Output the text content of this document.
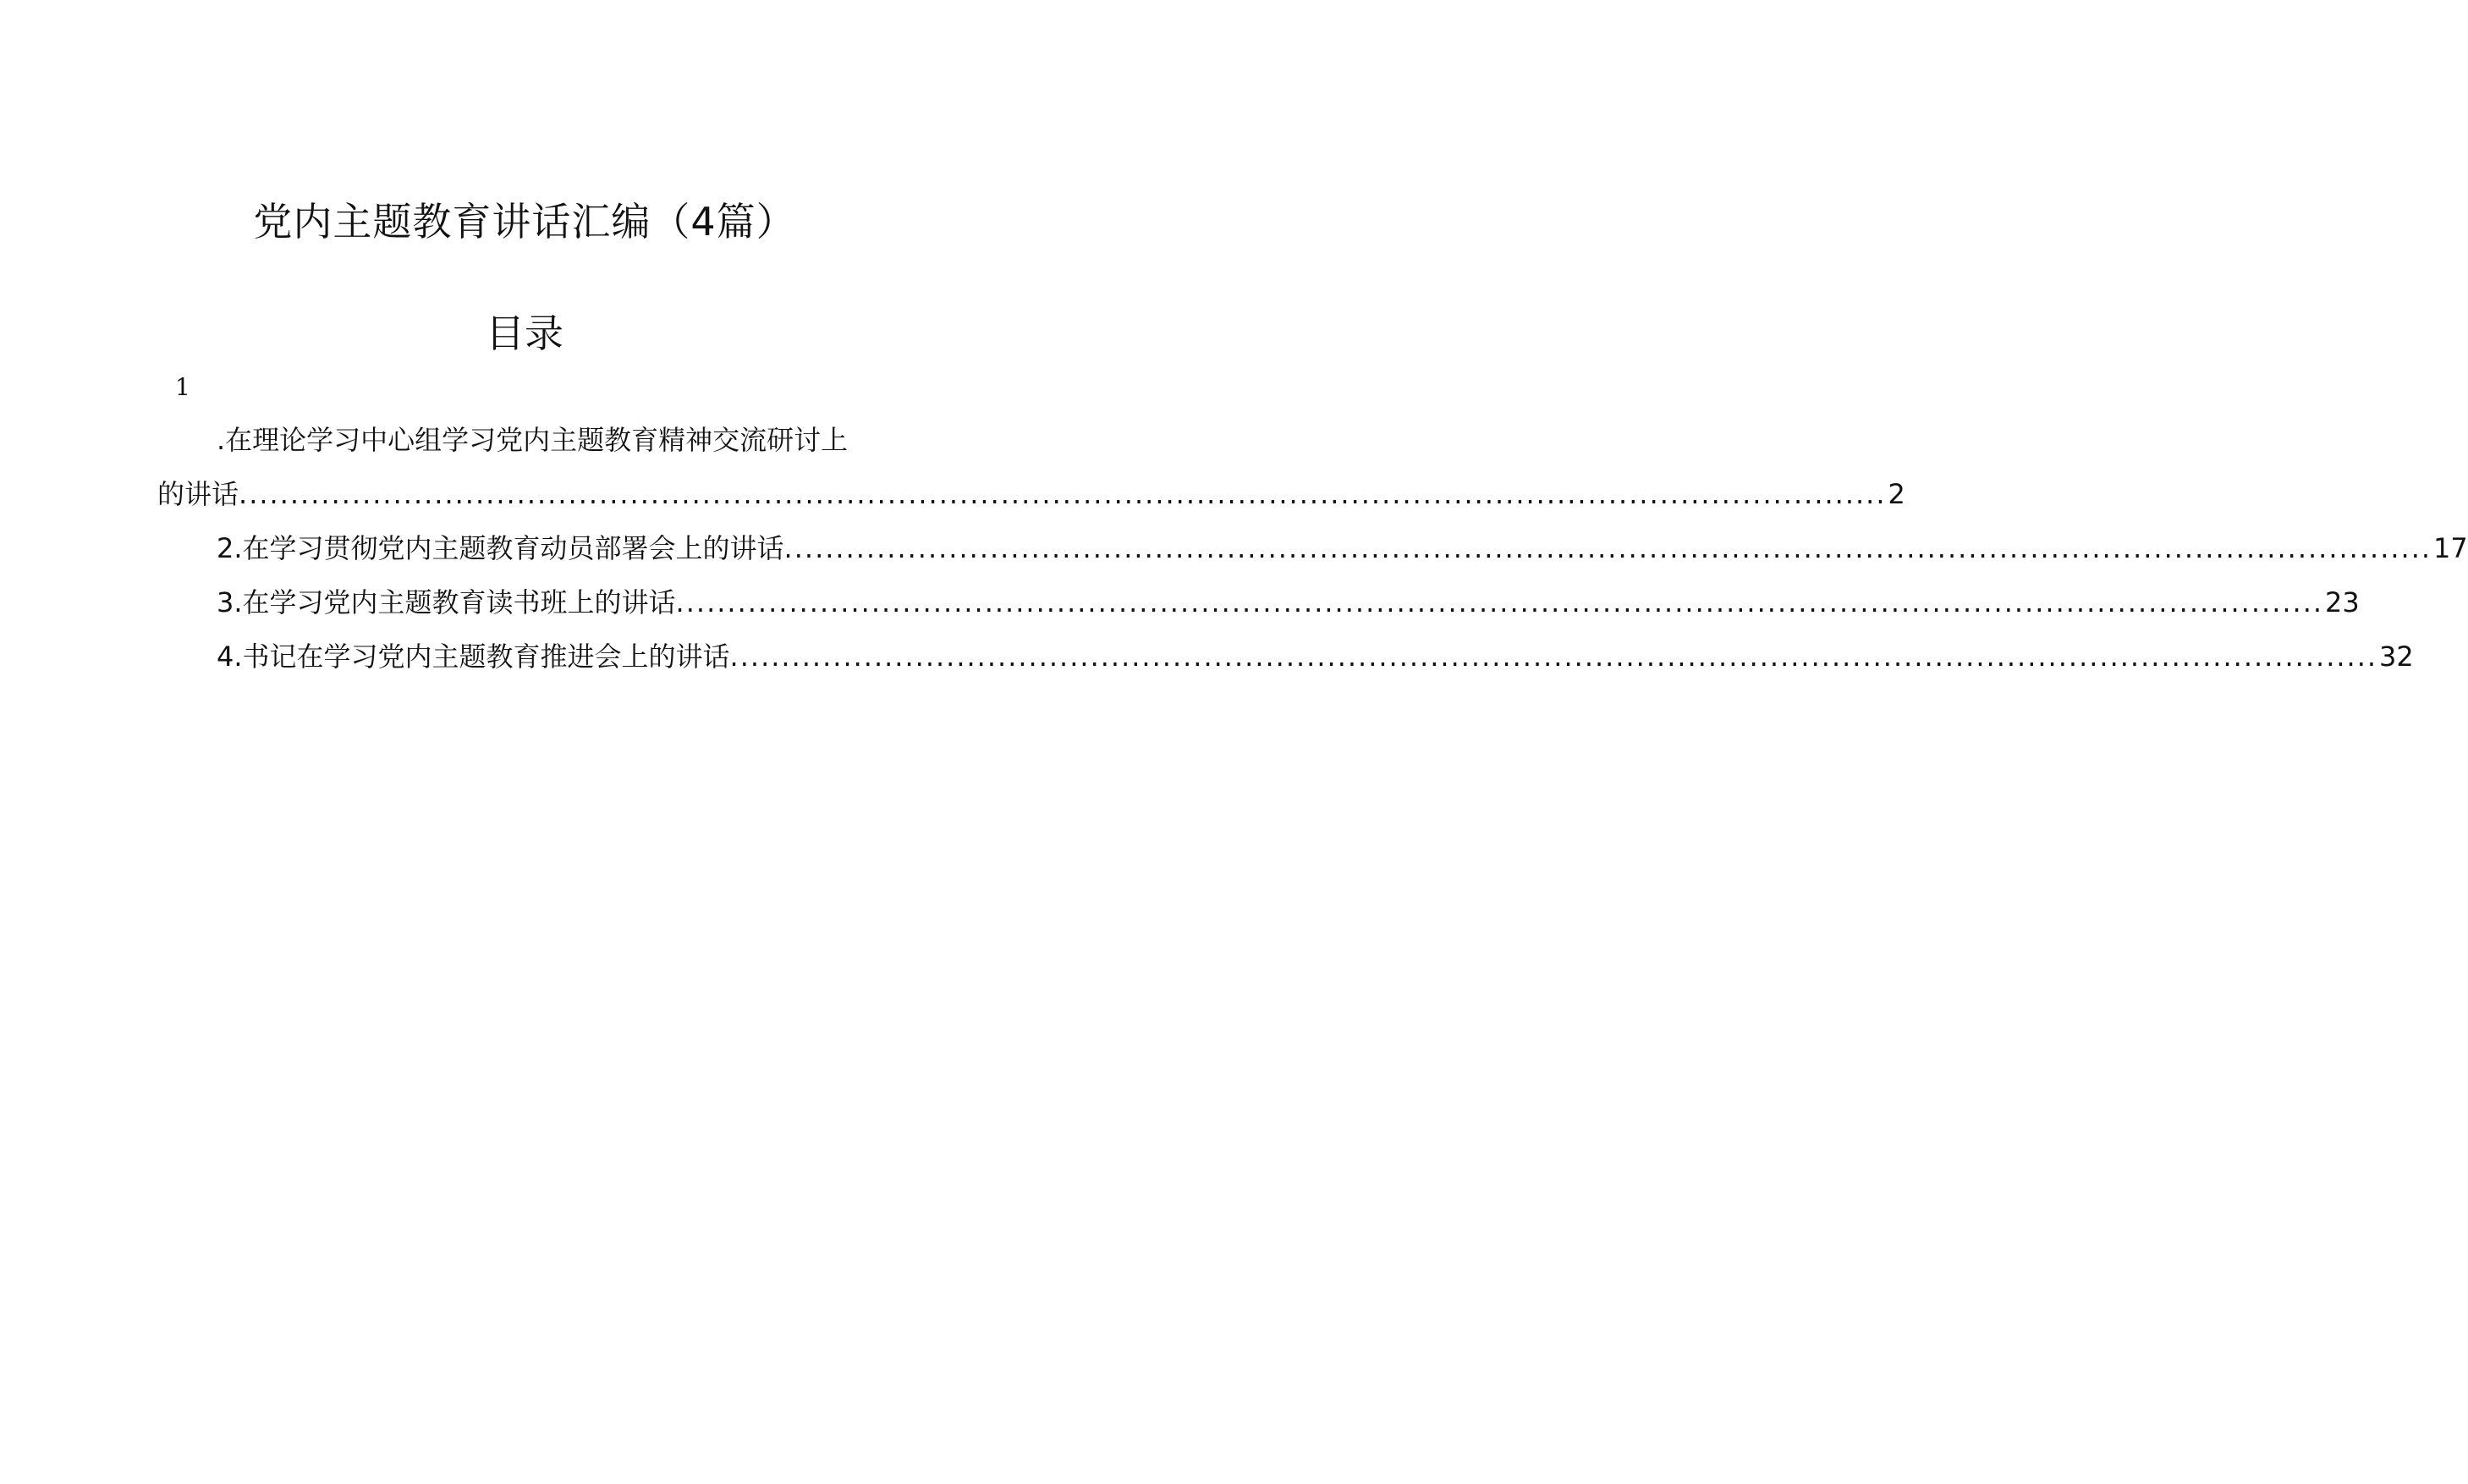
党内主题教育讲话汇编（4篇）
目录
1
.在理论学习中心组学习党内主题教育精神交流研讨上
的讲话 ................................................................................................................................................................ 2
2.在学习贯彻党内主题教育动员部署会上的讲话 ................................................................................................................................................................ 17
3.在学习党内主题教育读书班上的讲话 ................................................................................................................................................................ 23
4.书记在学习党内主题教育推进会上的讲话 ................................................................................................................................................................ 32
